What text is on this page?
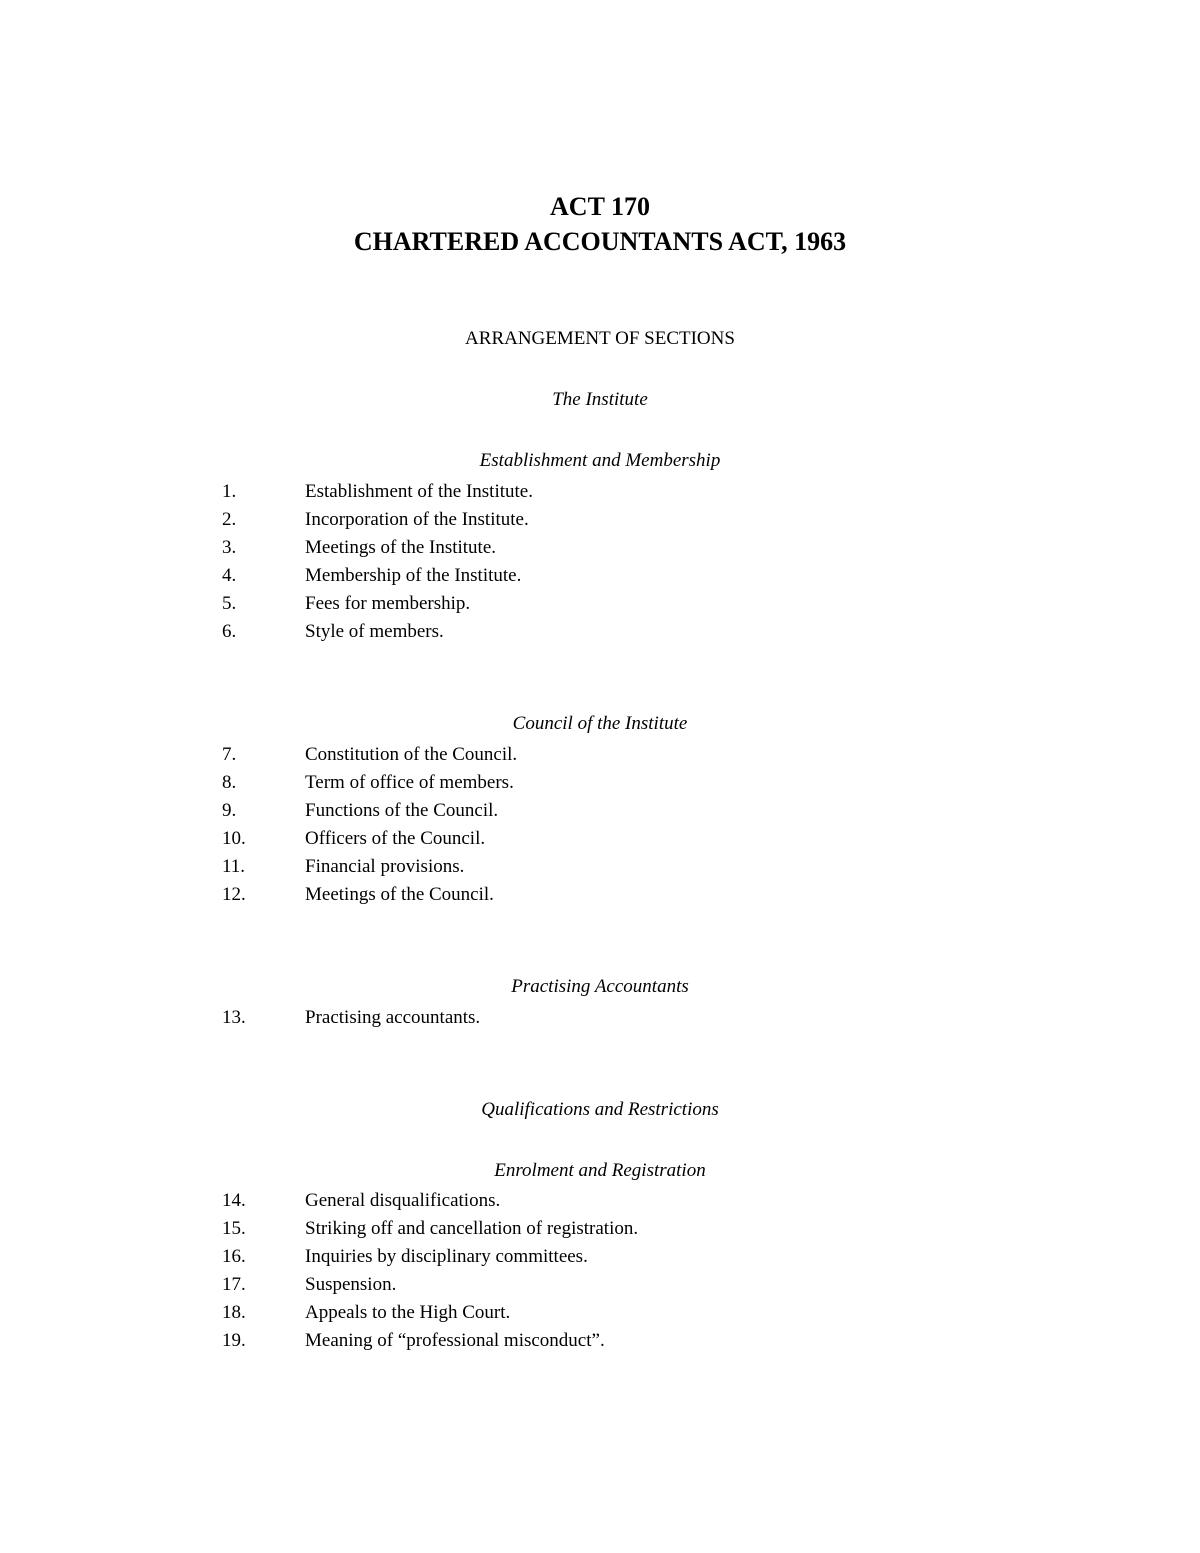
ACT 170
CHARTERED ACCOUNTANTS ACT, 1963

ARRANGEMENT OF SECTIONS

The Institute

Establishment and Membership

1.	Establishment of the Institute.
2.	Incorporation of the Institute.
3.	Meetings of the Institute.
4.	Membership of the Institute.
5.	Fees for membership.
6.	Style of members.

Council of the Institute

7.	Constitution of the Council.
8.	Term of office of members.
9.	Functions of the Council.
10.	Officers of the Council.
11.	Financial provisions.
12.	Meetings of the Council.

Practising Accountants

13.	Practising accountants.

Qualifications and Restrictions

Enrolment and Registration

14.	General disqualifications.
15.	Striking off and cancellation of registration.
16.	Inquiries by disciplinary committees.
17.	Suspension.
18.	Appeals to the High Court.
19.	Meaning of “professional misconduct”.
